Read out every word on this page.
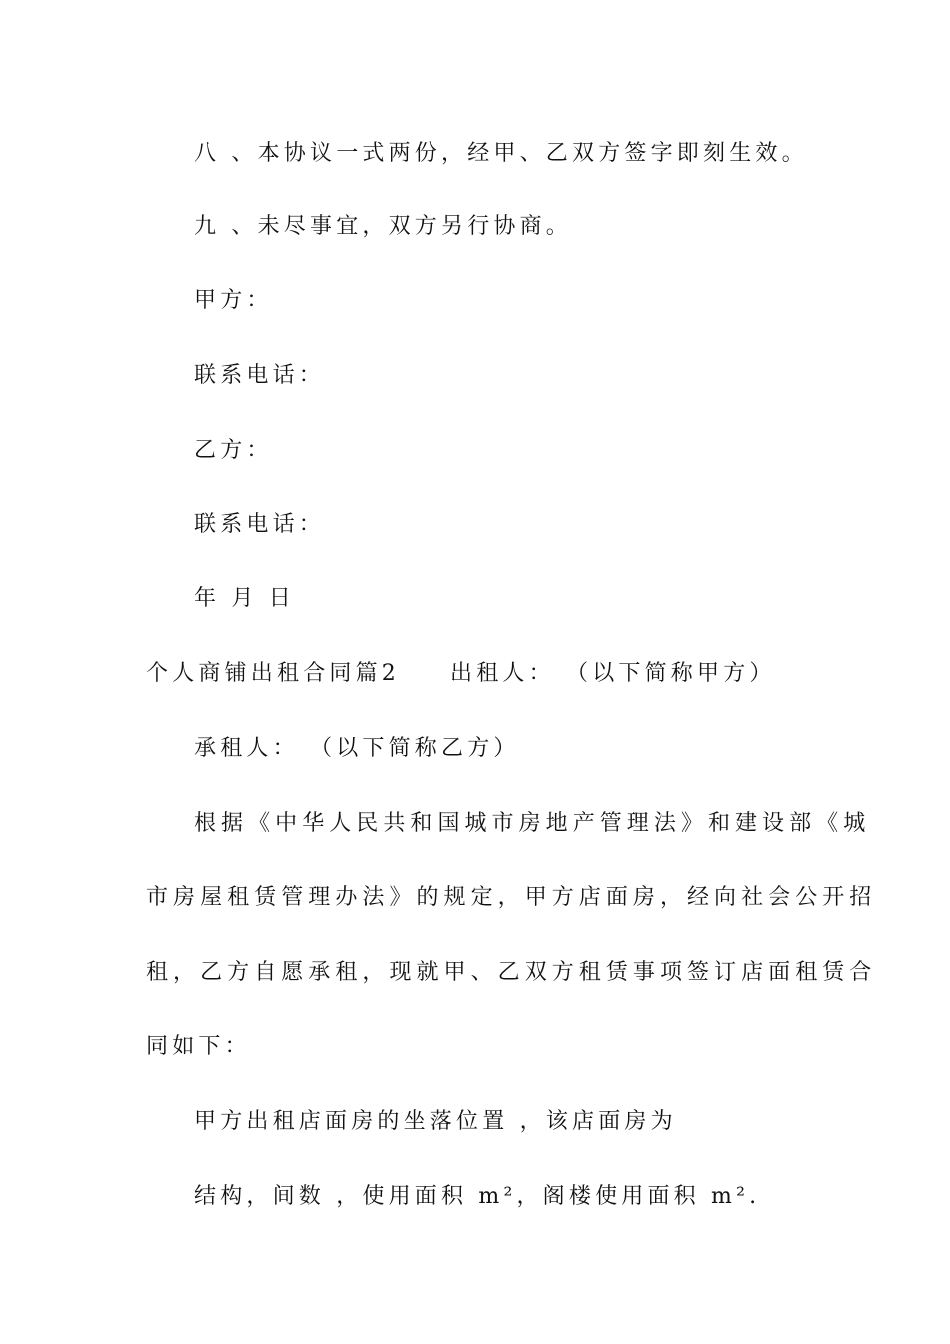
八 、本协议一式两份，经甲、乙双方签字即刻生效。
九 、未尽事宜，双方另行协商。
甲方：
联系电话：
乙方：
联系电话：
年 月 日
个人商铺出租合同篇2 出租人： （以下简称甲方）
承租人： （以下简称乙方）
根据《中华人民共和国城市房地产管理法》和建设部《城
市房屋租赁管理办法》的规定，甲方店面房，经向社会公开招
租，乙方自愿承租，现就甲、乙双方租赁事项签订店面租赁合
同如下：
甲方出租店面房的坐落位置 ，该店面房为
结构，间数 ，使用面积 m²，阁楼使用面积 m².
